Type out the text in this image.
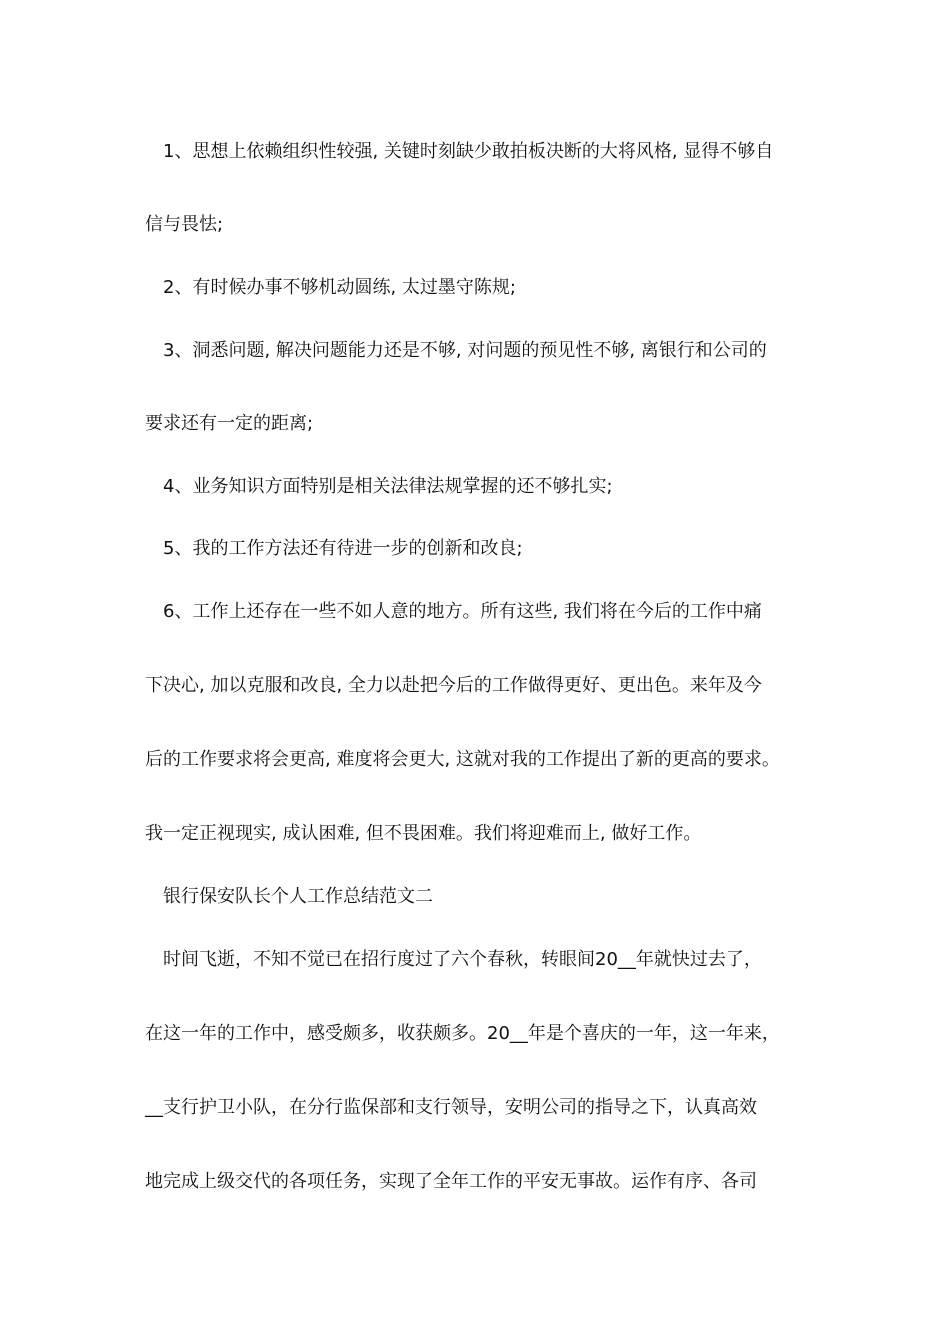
1、思想上依赖组织性较强, 关键时刻缺少敢拍板决断的大将风格, 显得不够自
信与畏怯;
2、有时候办事不够机动圆练, 太过墨守陈规;
3、洞悉问题, 解决问题能力还是不够, 对问题的预见性不够, 离银行和公司的
要求还有一定的距离;
4、业务知识方面特别是相关法律法规掌握的还不够扎实;
5、我的工作方法还有待进一步的创新和改良;
6、工作上还存在一些不如人意的地方。所有这些, 我们将在今后的工作中痛
下决心, 加以克服和改良, 全力以赴把今后的工作做得更好、更出色。来年及今
后的工作要求将会更高, 难度将会更大, 这就对我的工作提出了新的更高的要求。
我一定正视现实, 成认困难, 但不畏困难。我们将迎难而上, 做好工作。
银行保安队长个人工作总结范文二
时间飞逝，不知不觉已在招行度过了六个春秋，转眼间20__年就快过去了，
在这一年的工作中，感受颇多，收获颇多。20__年是个喜庆的一年，这一年来，
__支行护卫小队，在分行监保部和支行领导，安明公司的指导之下，认真高效
地完成上级交代的各项任务，实现了全年工作的平安无事故。运作有序、各司
